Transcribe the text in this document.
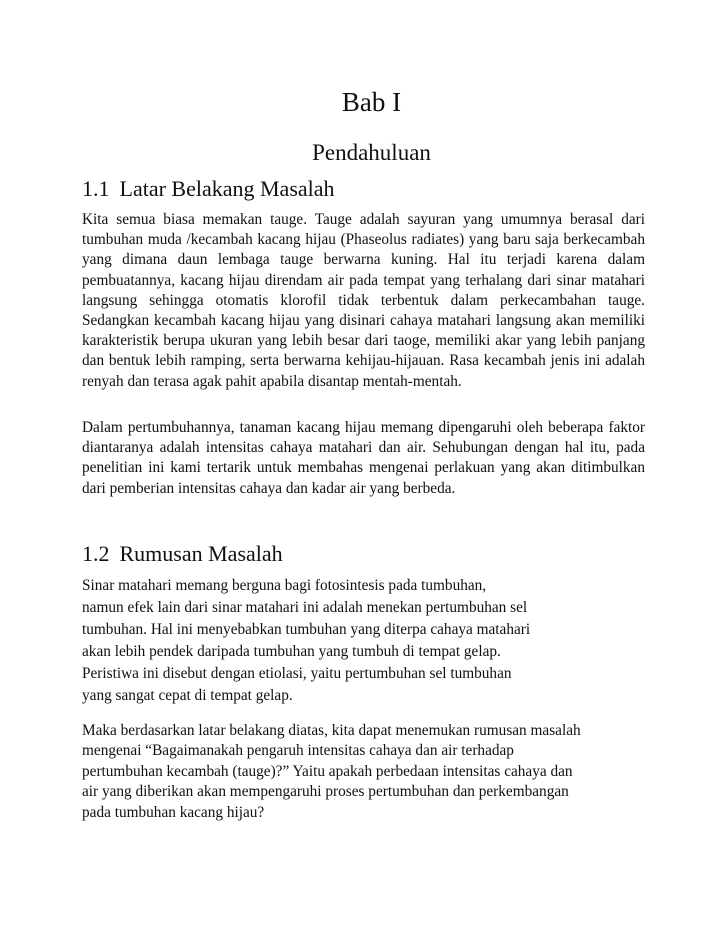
Bab I
Pendahuluan
1.1 Latar Belakang Masalah

Kita semua biasa memakan tauge. Tauge adalah sayuran yang umumnya berasal dari tumbuhan muda /kecambah kacang hijau (Phaseolus radiates) yang baru saja berkecambah yang dimana daun lembaga tauge berwarna kuning. Hal itu terjadi karena dalam pembuatannya, kacang hijau direndam air pada tempat yang terhalang dari sinar matahari langsung sehingga otomatis klorofil tidak terbentuk dalam perkecambahan tauge. Sedangkan kecambah kacang hijau yang disinari cahaya matahari langsung akan memiliki karakteristik berupa ukuran yang lebih besar dari taoge, memiliki akar yang lebih panjang dan bentuk lebih ramping, serta berwarna kehijau-hijauan. Rasa kecambah jenis ini adalah renyah dan terasa agak pahit apabila disantap mentah-mentah.

Dalam pertumbuhannya, tanaman kacang hijau memang dipengaruhi oleh beberapa faktor diantaranya adalah intensitas cahaya matahari dan air. Sehubungan dengan hal itu, pada penelitian ini kami tertarik untuk membahas mengenai perlakuan yang akan ditimbulkan dari pemberian intensitas cahaya dan kadar air yang berbeda.

1.2 Rumusan Masalah

Sinar matahari memang berguna bagi fotosintesis pada tumbuhan,
namun efek lain dari sinar matahari ini adalah menekan pertumbuhan sel
tumbuhan. Hal ini menyebabkan tumbuhan yang diterpa cahaya matahari
akan lebih pendek daripada tumbuhan yang tumbuh di tempat gelap.
Peristiwa ini disebut dengan etiolasi, yaitu pertumbuhan sel tumbuhan
yang sangat cepat di tempat gelap.

Maka berdasarkan latar belakang diatas, kita dapat menemukan rumusan masalah
mengenai “Bagaimanakah pengaruh intensitas cahaya dan air terhadap
pertumbuhan kecambah (tauge)?” Yaitu apakah perbedaan intensitas cahaya dan
air yang diberikan akan mempengaruhi proses pertumbuhan dan perkembangan
pada tumbuhan kacang hijau?
